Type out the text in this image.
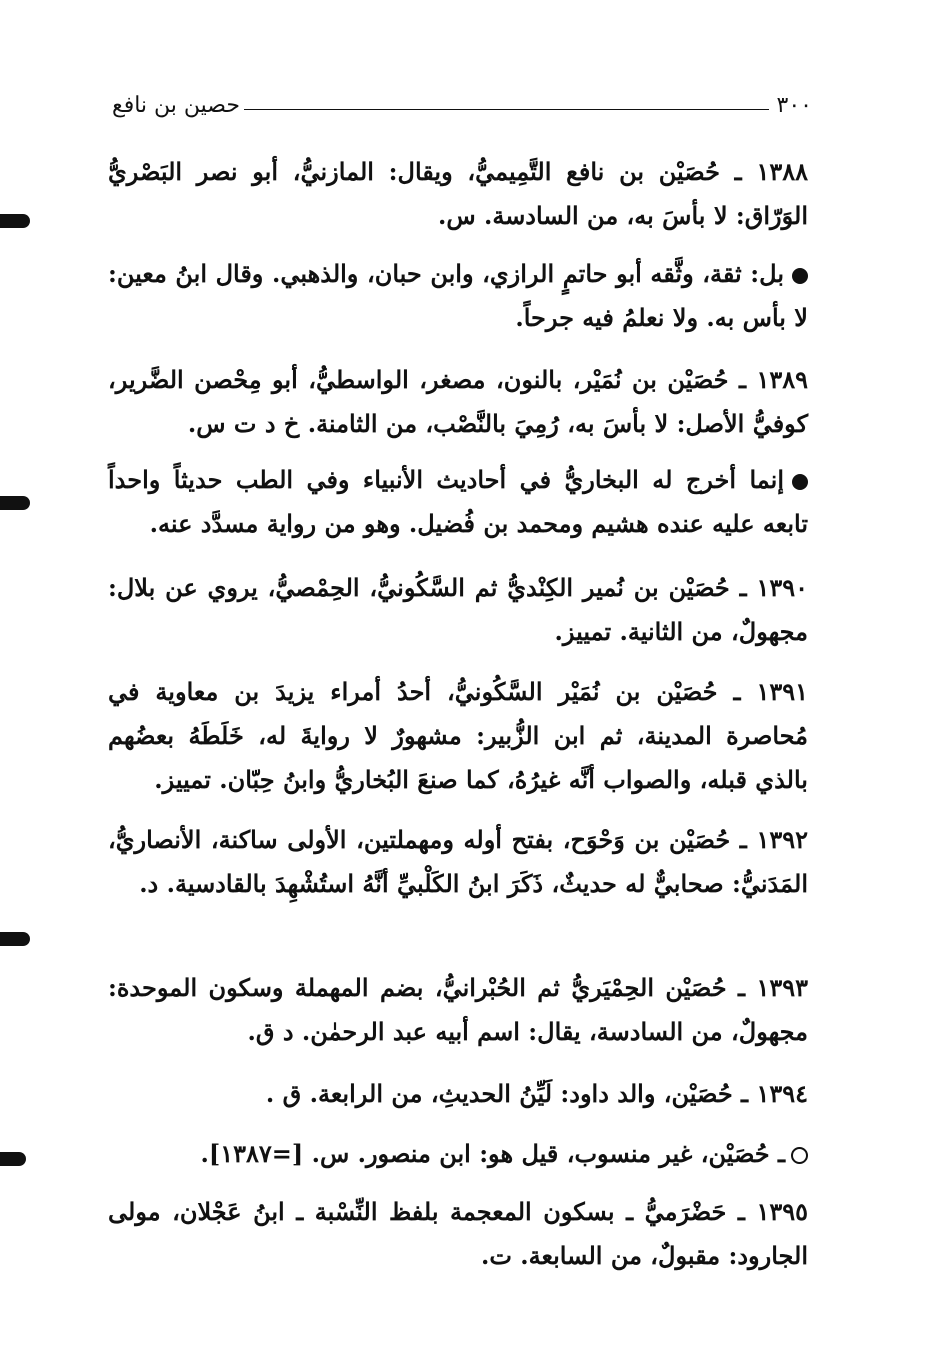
٣٠٠
حصين بن نافع
١٣٨٨ ـ حُصَيْن بن نافع التَّمِيميُّ، ويقال: المازنيُّ، أبو نصر البَصْريُّ الوَرّاق: لا بأسَ به، من السادسة. س.
بل: ثقة، وثَّقه أبو حاتمٍ الرازي، وابن حبان، والذهبي. وقال ابنُ معين: لا بأس به. ولا نعلمُ فيه جرحاً.
١٣٨٩ ـ حُصَيْن بن نُمَيْر، بالنون، مصغر، الواسطيُّ، أبو مِحْصن الضَّرير، كوفيُّ الأصل: لا بأسَ به، رُمِيَ بالنَّصْب، من الثامنة. خ د ت س.
إنما أخرج له البخاريُّ في أحاديث الأنبياء وفي الطب حديثاً واحداً تابعه عليه عنده هشيم ومحمد بن فُضيل. وهو من رواية مسدَّد عنه.
١٣٩٠ ـ حُصَيْن بن نُمير الكِنْديُّ ثم السَّكُونيُّ، الحِمْصيُّ، يروي عن بلال: مجهولٌ، من الثانية. تمييز.
١٣٩١ ـ حُصَيْن بن نُمَيْر السَّكُونيُّ، أحدُ أمراء يزيدَ بن معاوية في مُحاصرة المدينة، ثم ابن الزُّبير: مشهورٌ لا روايةَ له، خَلَطَهُ بعضُهم بالذي قبله، والصواب أنَّه غيرُهُ، كما صنعَ البُخاريُّ وابنُ حِبّان. تمييز.
١٣٩٢ ـ حُصَيْن بن وَحْوَح، بفتح أوله ومهملتين، الأولى ساكنة، الأنصاريُّ، المَدَنيُّ: صحابيٌّ له حديثٌ، ذَكَرَ ابنُ الكَلْبيِّ أنَّهُ استُشْهِدَ بالقادسية. د.
١٣٩٣ ـ حُصَيْن الحِمْيَريُّ ثم الحُبْرانيُّ، بضم المهملة وسكون الموحدة: مجهولٌ، من السادسة، يقال: اسم أبيه عبد الرحمٰن. د ق.
١٣٩٤ ـ حُصَيْن، والد داود: لَيِّنُ الحديثِ، من الرابعة. ق .
ـ حُصَيْن، غير منسوب، قيل هو: ابن منصور. س. [=١٣٨٧].
١٣٩٥ ـ حَضْرَميُّ ـ بسكون المعجمة بلفظ النِّسْبة ـ ابنُ عَجْلان، مولى الجارود: مقبولٌ، من السابعة. ت.
